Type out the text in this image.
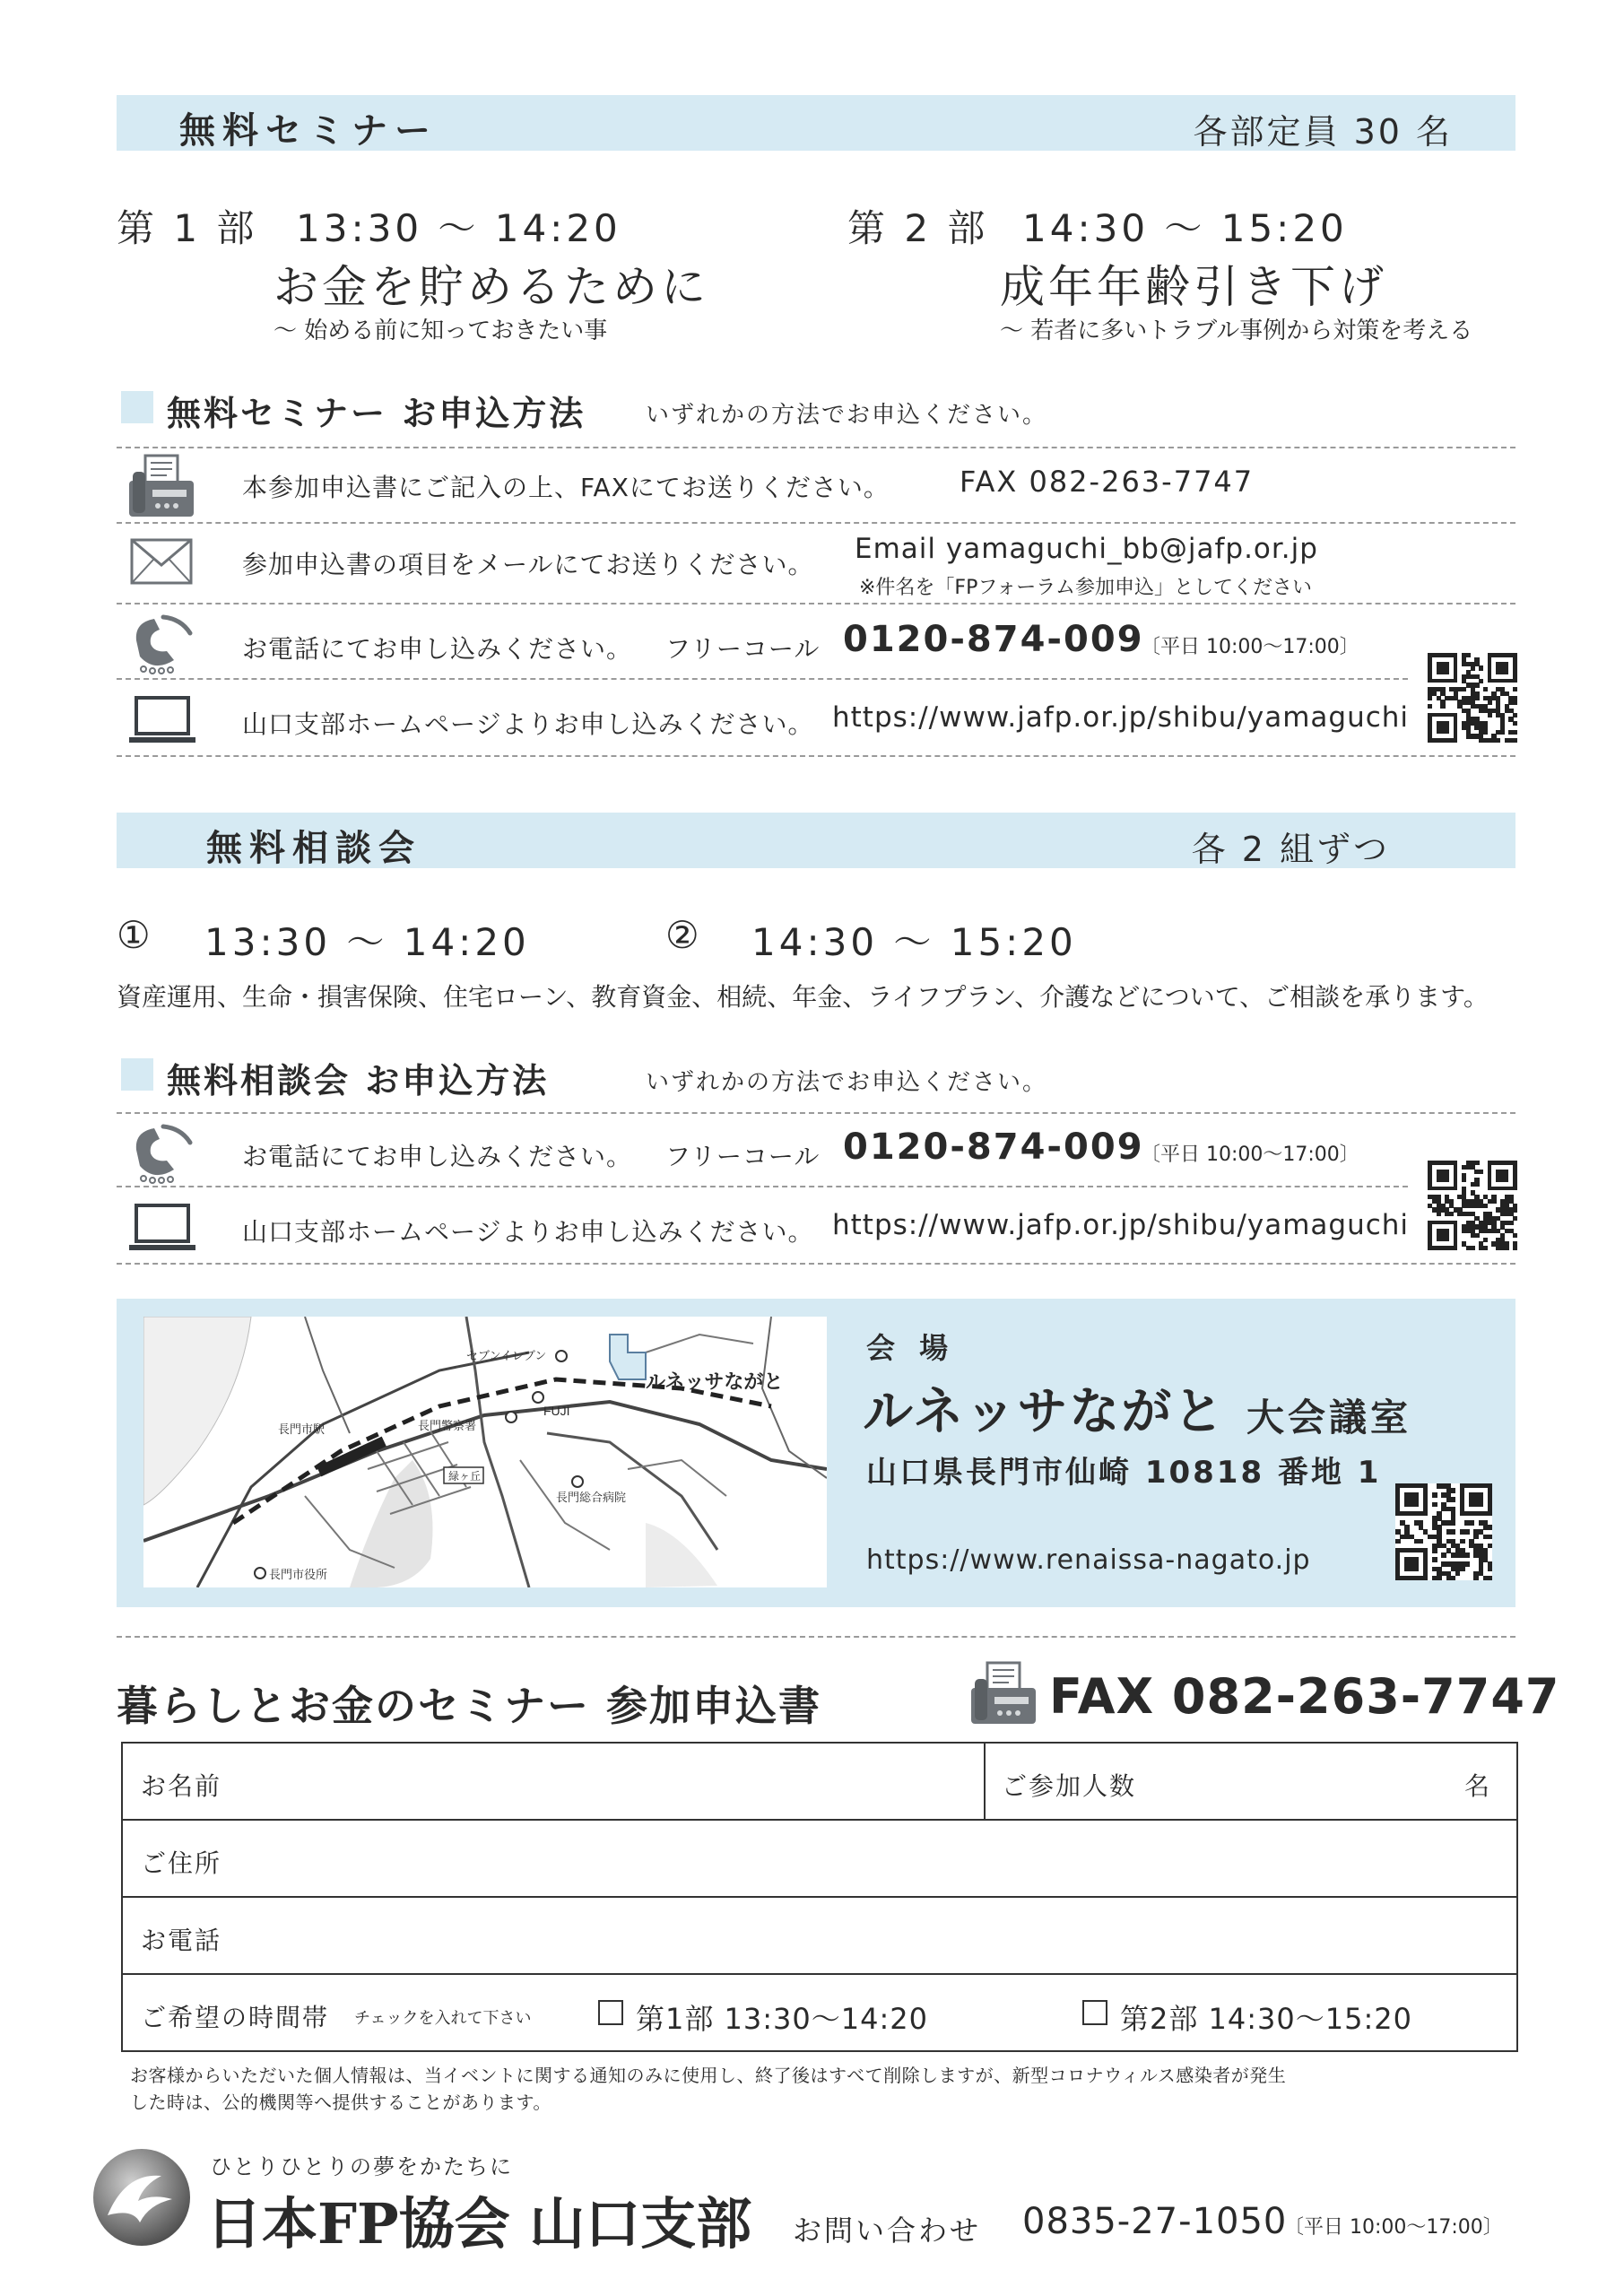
無料セミナー	各部定員 30 名
第 1 部 13:30 ～ 14:20
お金を貯めるために
～ 始める前に知っておきたい事
第 2 部 14:30 ～ 15:20
成年年齢引き下げ
～ 若者に多いトラブル事例から対策を考える
無料セミナー お申込方法	いずれかの方法でお申込ください。
本参加申込書にご記入の上、FAXにてお送りください。 FAX 082-263-7747
参加申込書の項目をメールにてお送りください。 Email yamaguchi_bb@jafp.or.jp
※件名を「FPフォーラム参加申込」としてください
お電話にてお申し込みください。 フリーコール 0120-874-009
〔平日 10:00～17:00〕
山口支部ホームページよりお申し込みください。 https://www.jafp.or.jp/shibu/yamaguchi
無料相談会	各 2 組ずつ
① 13:30 ～ 14:20	② 14:30 ～ 15:20
資産運用、生命・損害保険、住宅ローン、教育資金、相続、年金、ライフプラン、介護などについて、ご相談を承ります。
無料相談会 お申込方法	いずれかの方法でお申込ください。
お電話にてお申し込みください。 フリーコール 0120-874-009
〔平日 10:00～17:00〕
山口支部ホームページよりお申し込みください。 https://www.jafp.or.jp/shibu/yamaguchi
ルネッサながと
セブンイレブン
長門市駅	長門警察署
FUJI
緑ヶ丘
長門総合病院
長門市役所
会 場
ルネッサながと 大会議室
山口県長門市仙崎 10818 番地 1
https://www.renaissa-nagato.jp
暮らしとお金のセミナー 参加申込書	FAX 082-263-7747
お名前	ご参加人数	名
ご住所
お電話
ご希望の時間帯 チェックを入れて下さい	第1部 13:30～14:20	第2部 14:30～15:20
お客様からいただいた個人情報は、当イベントに関する通知のみに使用し、終了後はすべて削除しますが、新型コロナウィルス感染者が発生
した時は、公的機関等へ提供することがあります。
ひとりひとりの夢をかたちに
日本FP協会 山口支部 お問い合わせ 0835-27-1050
〔平日 10:00～17:00〕
